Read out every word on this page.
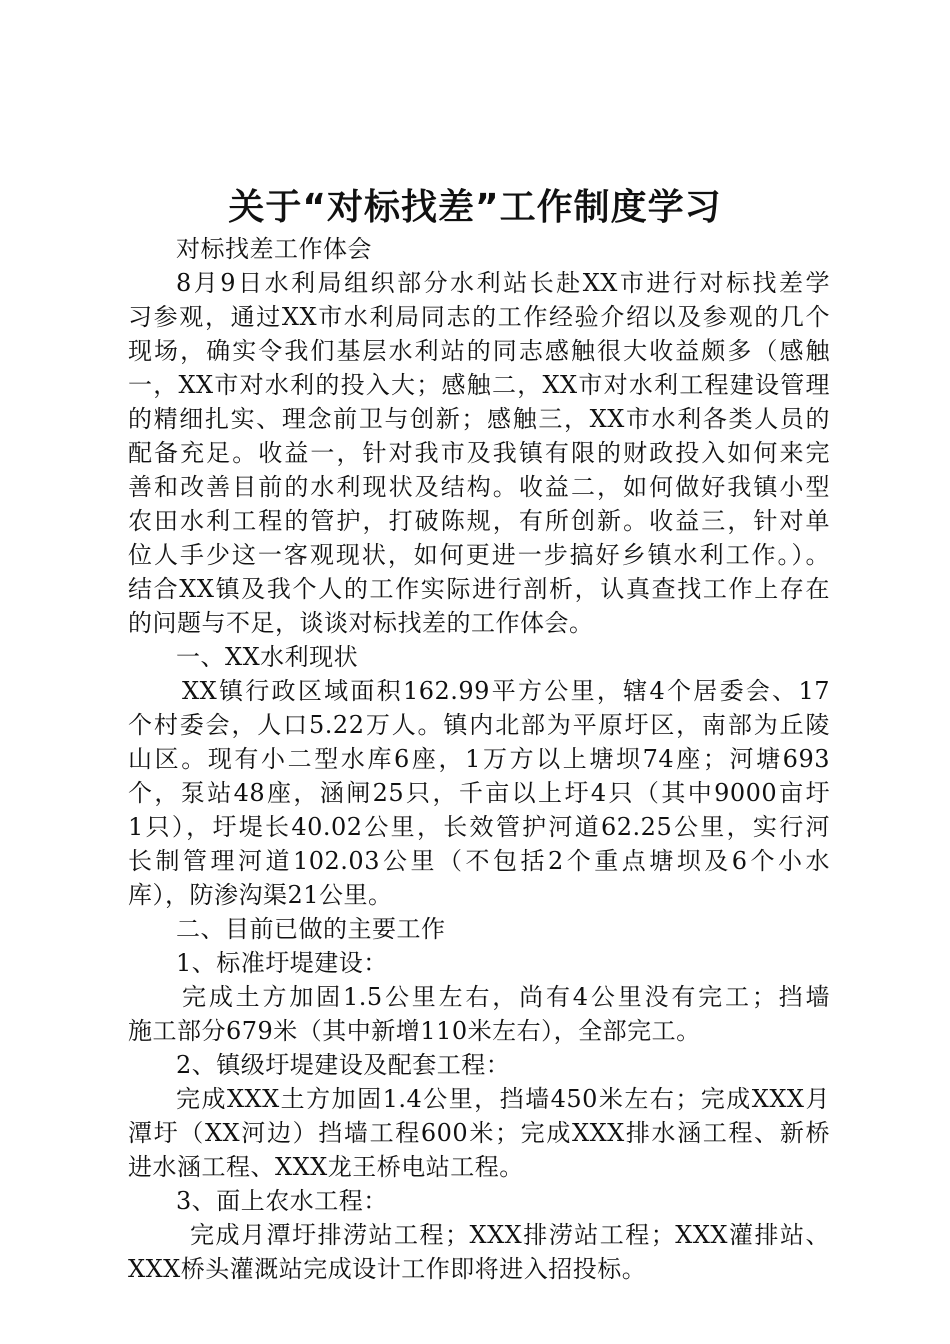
关于“对标找差”工作制度学习
对标找差工作体会
8月9日水利局组织部分水利站长赴XX市进行对标找差学
习参观，通过XX市水利局同志的工作经验介绍以及参观的几个
现场，确实令我们基层水利站的同志感触很大收益颇多（感触
一，XX市对水利的投入大；感触二，XX市对水利工程建设管理
的精细扎实、理念前卫与创新；感触三，XX市水利各类人员的
配备充足。收益一，针对我市及我镇有限的财政投入如何来完
善和改善目前的水利现状及结构。收益二，如何做好我镇小型
农田水利工程的管护，打破陈规，有所创新。收益三，针对单
位人手少这一客观现状，如何更进一步搞好乡镇水利工作。）。
结合XX镇及我个人的工作实际进行剖析，认真查找工作上存在
的问题与不足，谈谈对标找差的工作体会。
一、XX水利现状
XX镇行政区域面积162.99平方公里，辖4个居委会、17
个村委会，人口5.22万人。镇内北部为平原圩区，南部为丘陵
山区。现有小二型水库6座，1万方以上塘坝74座；河塘693
个，泵站48座，涵闸25只，千亩以上圩4只（其中9000亩圩
1只），圩堤长40.02公里，长效管护河道62.25公里，实行河
长制管理河道102.03公里（不包括2个重点塘坝及6个小水
库），防渗沟渠21公里。
二、目前已做的主要工作
1、标准圩堤建设：
完成土方加固1.5公里左右，尚有4公里没有完工；挡墙
施工部分679米（其中新增110米左右），全部完工。
2、镇级圩堤建设及配套工程：
完成XXX土方加固1.4公里，挡墙450米左右；完成XXX月
潭圩（XX河边）挡墙工程600米；完成XXX排水涵工程、新桥
进水涵工程、XXX龙王桥电站工程。
3、面上农水工程：
完成月潭圩排涝站工程；XXX排涝站工程；XXX灌排站、
XXX桥头灌溉站完成设计工作即将进入招投标。
